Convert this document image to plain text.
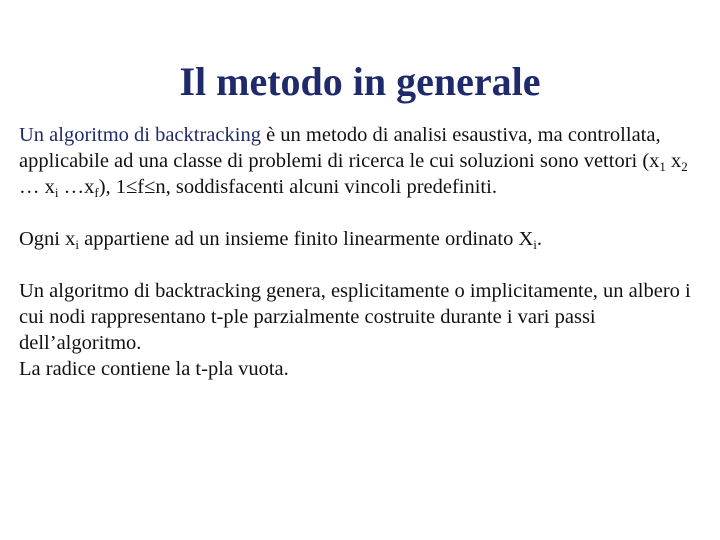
Il metodo in generale

Un algoritmo di backtracking è un metodo di analisi esaustiva, ma controllata, applicabile ad una classe di problemi di ricerca le cui soluzioni sono vettori ($x_1$ $x_2$ … $x_i$ $\dots x_f$), 1≤f≤n, soddisfacenti alcuni vincoli predefiniti.

Ogni $x_i$ appartiene ad un insieme finito linearmente ordinato $X_i$.

Un algoritmo di backtracking genera, esplicitamente o implicitamente, un albero i cui nodi rappresentano t-ple parzialmente costruite durante i vari passi dell’algoritmo.
La radice contiene la t-pla vuota.
